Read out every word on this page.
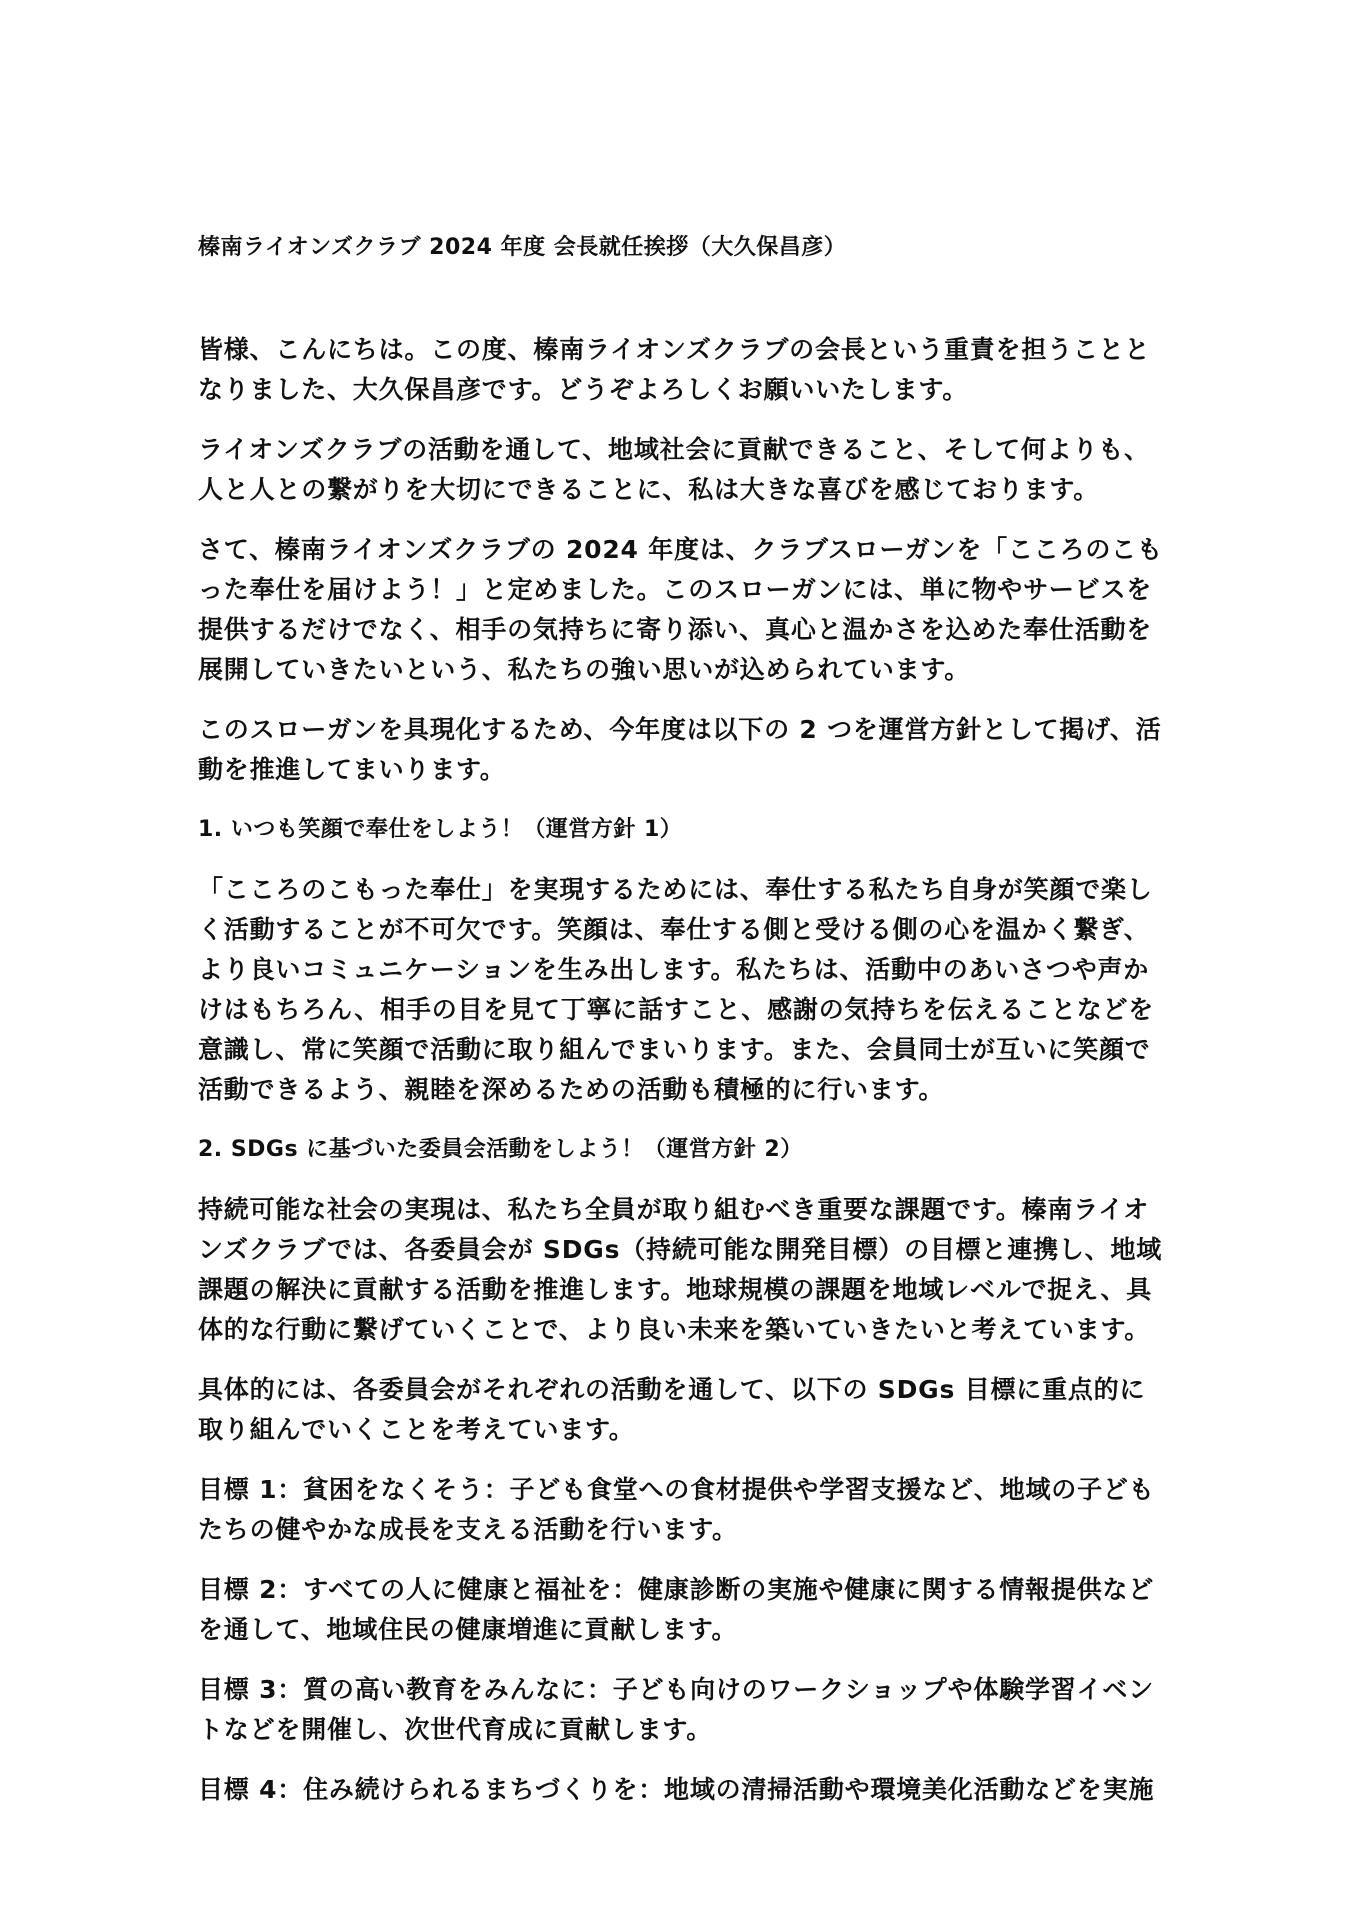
榛南ライオンズクラブ 2024 年度 会長就任挨拶（大久保昌彦）

皆様、こんにちは。この度、榛南ライオンズクラブの会長という重責を担うこととなりました、大久保昌彦です。どうぞよろしくお願いいたします。

ライオンズクラブの活動を通して、地域社会に貢献できること、そして何よりも、人と人との繋がりを大切にできることに、私は大きな喜びを感じております。

さて、榛南ライオンズクラブの 2024 年度は、クラブスローガンを「こころのこもった奉仕を届けよう！」と定めました。このスローガンには、単に物やサービスを提供するだけでなく、相手の気持ちに寄り添い、真心と温かさを込めた奉仕活動を展開していきたいという、私たちの強い思いが込められています。

このスローガンを具現化するため、今年度は以下の 2 つを運営方針として掲げ、活動を推進してまいります。

1. いつも笑顔で奉仕をしよう！（運営方針 1）

「こころのこもった奉仕」を実現するためには、奉仕する私たち自身が笑顔で楽しく活動することが不可欠です。笑顔は、奉仕する側と受ける側の心を温かく繋ぎ、より良いコミュニケーションを生み出します。私たちは、活動中のあいさつや声かけはもちろん、相手の目を見て丁寧に話すこと、感謝の気持ちを伝えることなどを意識し、常に笑顔で活動に取り組んでまいります。また、会員同士が互いに笑顔で活動できるよう、親睦を深めるための活動も積極的に行います。

2. SDGs に基づいた委員会活動をしよう！（運営方針 2）

持続可能な社会の実現は、私たち全員が取り組むべき重要な課題です。榛南ライオンズクラブでは、各委員会が SDGs（持続可能な開発目標）の目標と連携し、地域課題の解決に貢献する活動を推進します。地球規模の課題を地域レベルで捉え、具体的な行動に繋げていくことで、より良い未来を築いていきたいと考えています。

具体的には、各委員会がそれぞれの活動を通して、以下の SDGs 目標に重点的に取り組んでいくことを考えています。

目標 1：貧困をなくそう：子ども食堂への食材提供や学習支援など、地域の子どもたちの健やかな成長を支える活動を行います。

目標 2：すべての人に健康と福祉を：健康診断の実施や健康に関する情報提供などを通して、地域住民の健康増進に貢献します。

目標 3：質の高い教育をみんなに：子ども向けのワークショップや体験学習イベントなどを開催し、次世代育成に貢献します。

目標 4：住み続けられるまちづくりを：地域の清掃活動や環境美化活動などを実施
